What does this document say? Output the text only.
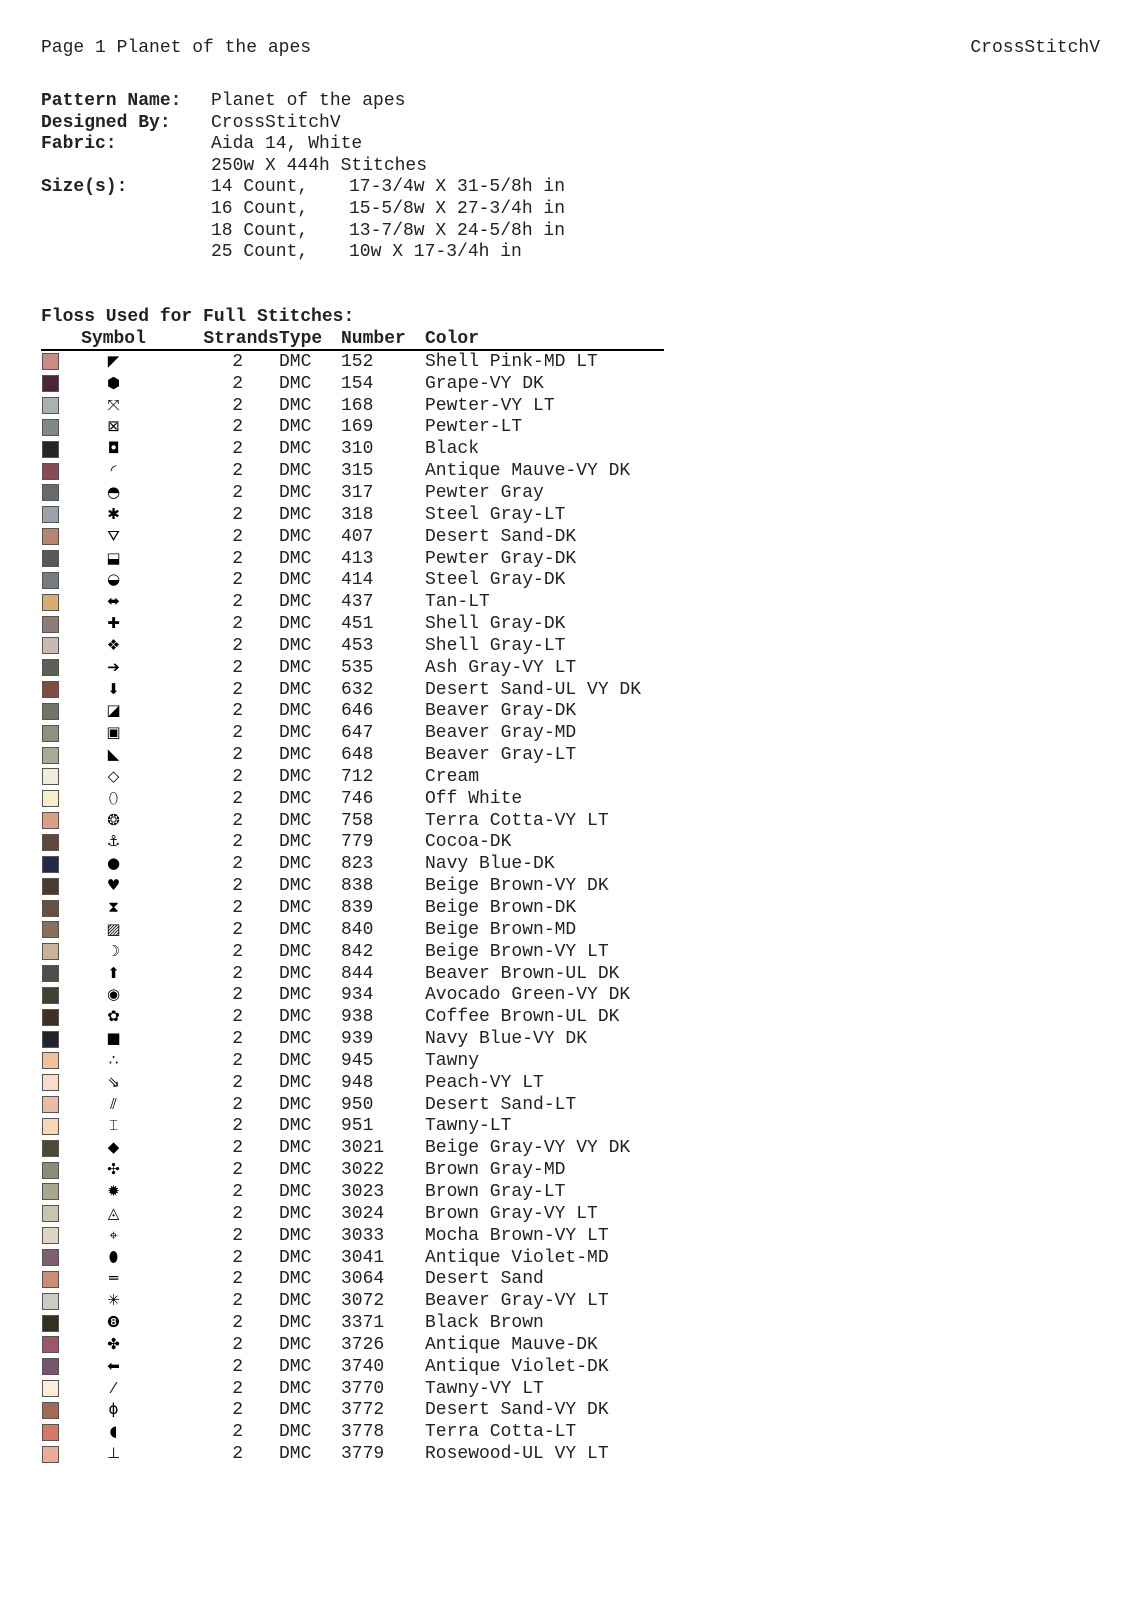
Page 1 Planet of the apes	CrossStitchV
Pattern Name:	Planet of the apes
Designed By:	CrossStitchV
Fabric:	Aida 14, White
250w X 444h Stitches
Size(s):	14 Count, 17-3/4w X 31-5/8h in
16 Count, 15-5/8w X 27-3/4h in
18 Count, 13-7/8w X 24-5/8h in
25 Count, 10w X 17-3/4h in
Floss Used for Full Stitches:
	Symbol	Strands	Type	Number	Color

	◤	2	DMC	152	Shell Pink-MD LT

	⬢	2	DMC	154	Grape-VY DK

	⤧	2	DMC	168	Pewter-VY LT

	⊠	2	DMC	169	Pewter-LT

	◘	2	DMC	310	Black

	◜	2	DMC	315	Antique Mauve-VY DK

	◓	2	DMC	317	Pewter Gray

	✱	2	DMC	318	Steel Gray-LT

	⛛	2	DMC	407	Desert Sand-DK

	⬓	2	DMC	413	Pewter Gray-DK

	◒	2	DMC	414	Steel Gray-DK

	⬌	2	DMC	437	Tan-LT

	✚	2	DMC	451	Shell Gray-DK

	❖	2	DMC	453	Shell Gray-LT

	➔	2	DMC	535	Ash Gray-VY LT

	⬇	2	DMC	632	Desert Sand-UL VY DK

	◪	2	DMC	646	Beaver Gray-DK

	▣	2	DMC	647	Beaver Gray-MD

	◣	2	DMC	648	Beaver Gray-LT

	◇	2	DMC	712	Cream

	⬯	2	DMC	746	Off White

	❂	2	DMC	758	Terra Cotta-VY LT

	⚓	2	DMC	779	Cocoa-DK

	●	2	DMC	823	Navy Blue-DK

	♥	2	DMC	838	Beige Brown-VY DK

	⧗	2	DMC	839	Beige Brown-DK

	▨	2	DMC	840	Beige Brown-MD

	☽	2	DMC	842	Beige Brown-VY LT

	⬆	2	DMC	844	Beaver Brown-UL DK

	◉	2	DMC	934	Avocado Green-VY DK

	✿	2	DMC	938	Coffee Brown-UL DK

	■	2	DMC	939	Navy Blue-VY DK

	∴	2	DMC	945	Tawny

	⇘	2	DMC	948	Peach-VY LT

	⫽	2	DMC	950	Desert Sand-LT

	⌶	2	DMC	951	Tawny-LT

	◆	2	DMC	3021	Beige Gray-VY VY DK

	✣	2	DMC	3022	Brown Gray-MD

	✹	2	DMC	3023	Brown Gray-LT

	◬	2	DMC	3024	Brown Gray-VY LT

	⌖	2	DMC	3033	Mocha Brown-VY LT

	⬮	2	DMC	3041	Antique Violet-MD

	═	2	DMC	3064	Desert Sand

	✳	2	DMC	3072	Beaver Gray-VY LT

	❽	2	DMC	3371	Black Brown

	✤	2	DMC	3726	Antique Mauve-DK

	⬅	2	DMC	3740	Antique Violet-DK

	⁄	2	DMC	3770	Tawny-VY LT

	ɸ	2	DMC	3772	Desert Sand-VY DK

	◖	2	DMC	3778	Terra Cotta-LT

	⊥	2	DMC	3779	Rosewood-UL VY LT
